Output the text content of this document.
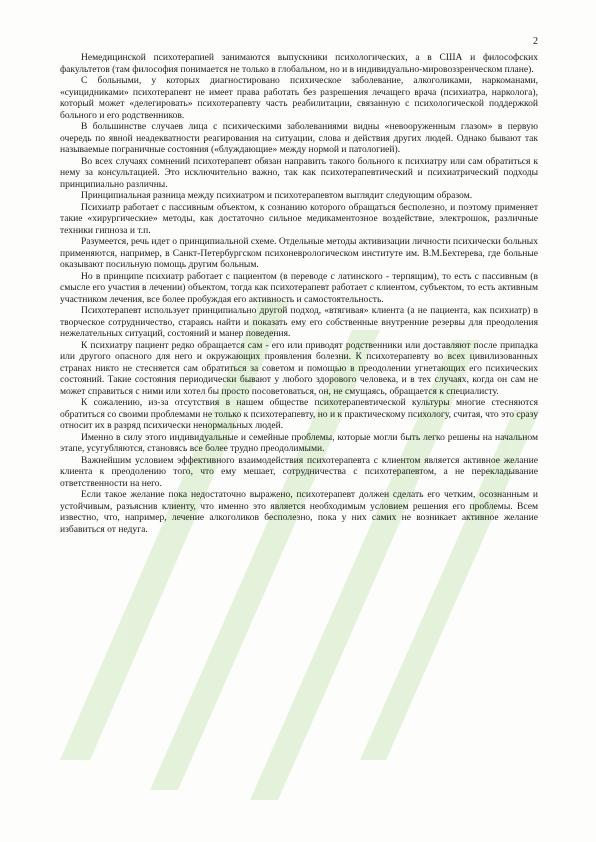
2

Немедицинской психотерапией занимаются выпускники психологических, а в США и философских факультетов (там философия понимается не только в глобальном, но и в индивидуально-мировоззренческом плане).

С больными, у которых диагностировано психическое заболевание, алкоголиками, наркоманами, «суицидниками» психотерапевт не имеет права работать без разрешения лечащего врача (психиатра, нарколога), который может «делегировать» психотерапевту часть реабилитации, связанную с психологической поддержкой больного и его родственников.

В большинстве случаев лица с психическими заболеваниями видны «невооруженным глазом» в первую очередь по явной неадекватности реагирования на ситуации, слова и действия других людей. Однако бывают так называемые пограничные состояния («блуждающие» между нормой и патологией).

Во всех случаях сомнений психотерапевт обязан направить такого больного к психиатру или сам обратиться к нему за консультацией. Это исключительно важно, так как психотерапевтический и психиатрический подходы принципиально различны.

Принципиальная разница между психиатром и психотерапевтом выглядит следующим образом.

Психиатр работает с пассивным объектом, к сознанию которого обращаться бесполезно, и поэтому применяет такие «хирургические» методы, как достаточно сильное медикаментозное воздействие, электрошок, различные техники гипноза и т.п.

Разумеется, речь идет о принципиальной схеме. Отдельные методы активизации личности психически больных применяются, например, в Санкт-Петербургском психоневрологическом институте им. В.М.Бехтерева, где больные оказывают посильную помощь другим больным.

Но в принципе психиатр работает с пациентом (в переводе с латинского - терпящим), то есть с пассивным (в смысле его участия в лечении) объектом, тогда как психотерапевт работает с клиентом, субъектом, то есть активным участником лечения, все более пробуждая его активность и самостоятельность.

Психотерапевт использует принципиально другой подход, «втягивая» клиента (а не пациента, как психиатр) в творческое сотрудничество, стараясь найти и показать ему его собственные внутренние резервы для преодоления нежелательных ситуаций, состояний и манер поведения.

К психиатру пациент редко обращается сам - его или приводят родственники или доставляют после припадка или другого опасного для него и окружающих проявления болезни. К психотерапевту во всех цивилизованных странах никто не стесняется сам обратиться за советом и помощью в преодолении угнетающих его психических состояний. Такие состояния периодически бывают у любого здорового человека, и в тех случаях, когда он сам не может справиться с ними или хотел бы просто посоветоваться, он, не смущаясь, обращается к специалисту.

К сожалению, из-за отсутствия в нашем обществе психотерапевтической культуры многие стесняются обратиться со своими проблемами не только к психотерапевту, но и к практическому психологу, считая, что это сразу относит их в разряд психически ненормальных людей.

Именно в силу этого индивидуальные и семейные проблемы, которые могли быть легко решены на начальном этапе, усугубляются, становясь все более трудно преодолимыми.

Важнейшим условием эффективного взаимодействия психотерапевта с клиентом является активное желание клиента к преодолению того, что ему мешает, сотрудничества с психотерапевтом, а не перекладывание ответственности на него.

Если такое желание пока недостаточно выражено, психотерапевт должен сделать его четким, осознанным и устойчивым, разъяснив клиенту, что именно это является необходимым условием решения его проблемы. Всем известно, что, например, лечение алкоголиков бесполезно, пока у них самих не возникает активное желание избавиться от недуга.
